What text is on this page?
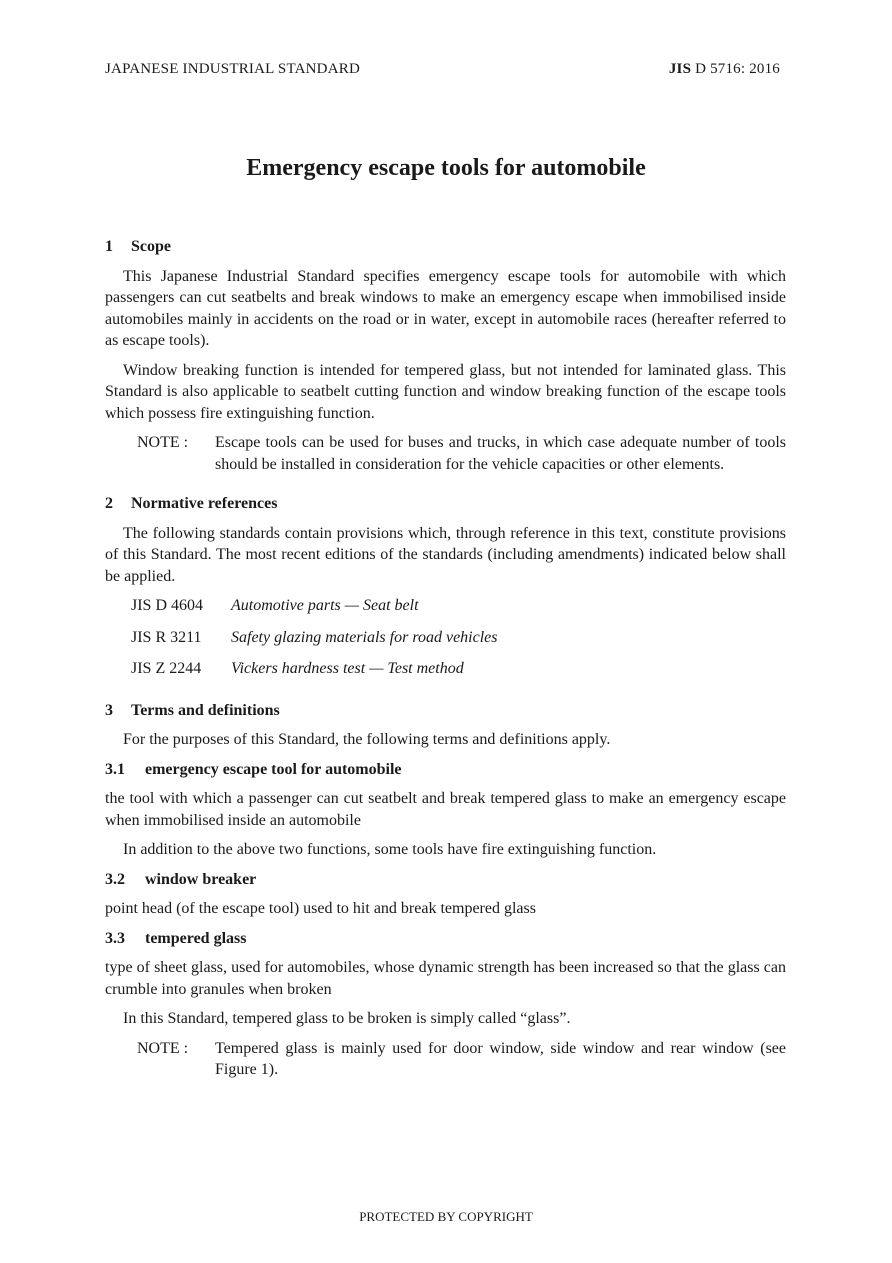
JAPANESE INDUSTRIAL STANDARD	JIS D 5716: 2016
Emergency escape tools for automobile
1 Scope

This Japanese Industrial Standard specifies emergency escape tools for automobile with which passengers can cut seatbelts and break windows to make an emergency escape when immobilised inside automobiles mainly in accidents on the road or in water, except in automobile races (hereafter referred to as escape tools).

Window breaking function is intended for tempered glass, but not intended for laminated glass. This Standard is also applicable to seatbelt cutting function and window breaking function of the escape tools which possess fire extinguishing function.

NOTE :	Escape tools can be used for buses and trucks, in which case adequate number of tools should be installed in consideration for the vehicle capacities or other elements.
2 Normative references

The following standards contain provisions which, through reference in this text, constitute provisions of this Standard. The most recent editions of the standards (including amendments) indicated below shall be applied.

JIS D 4604	Automotive parts — Seat belt
JIS R 3211	Safety glazing materials for road vehicles
JIS Z 2244	Vickers hardness test — Test method
3 Terms and definitions

For the purposes of this Standard, the following terms and definitions apply.

3.1 emergency escape tool for automobile

the tool with which a passenger can cut seatbelt and break tempered glass to make an emergency escape when immobilised inside an automobile

In addition to the above two functions, some tools have fire extinguishing function.

3.2 window breaker

point head (of the escape tool) used to hit and break tempered glass

3.3 tempered glass

type of sheet glass, used for automobiles, whose dynamic strength has been increased so that the glass can crumble into granules when broken

In this Standard, tempered glass to be broken is simply called “glass”.

NOTE :	Tempered glass is mainly used for door window, side window and rear window (see Figure 1).
PROTECTED BY COPYRIGHT
